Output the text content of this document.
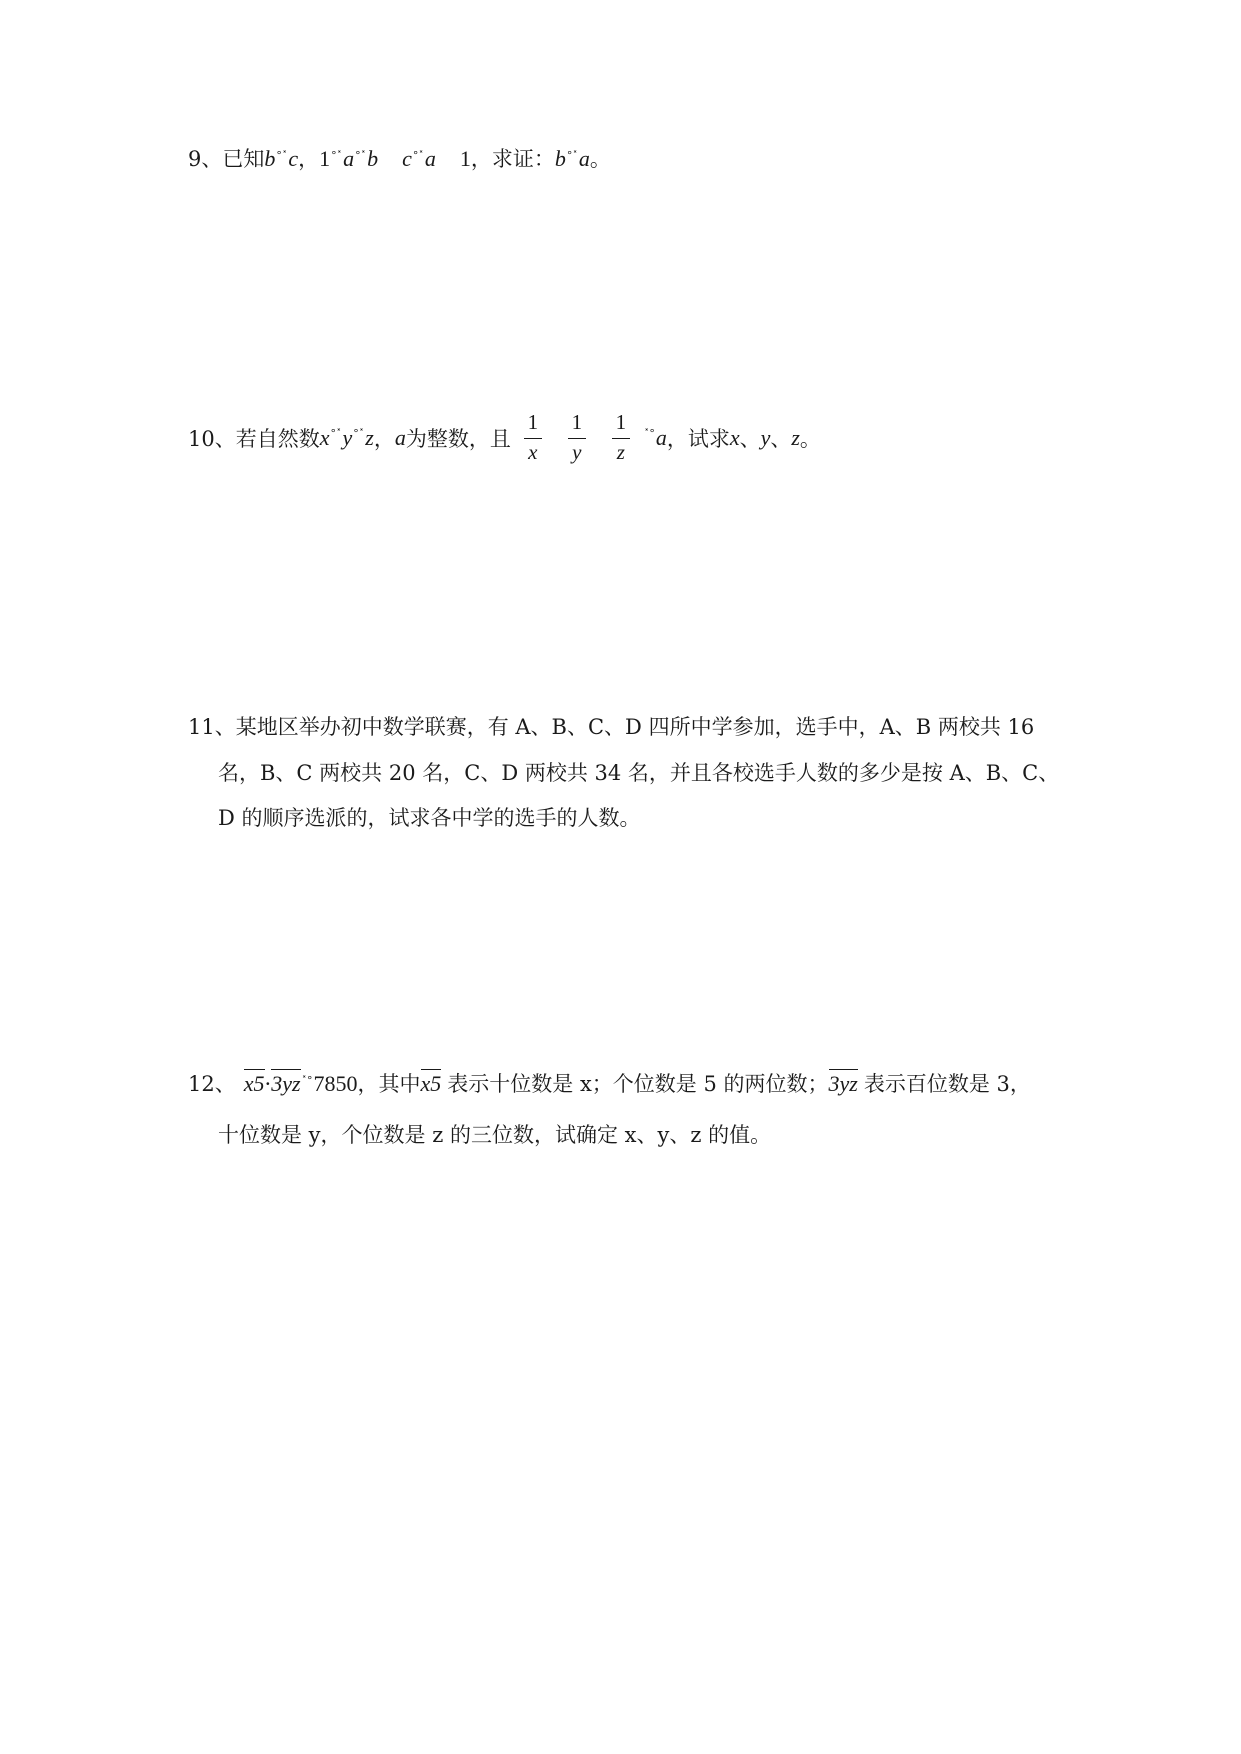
9、已知b°˟c，1°˟a°˟b c°˟a 1，求证：b°˟a。
10、若自然数x°˟y°˟z，a为整数，且 $\frac{1}{x} \frac{1}{y} \frac{1}{z} ^{˟^\circ}a$，试求x、y、z。
11、某地区举办初中数学联赛，有 A、B、C、D 四所中学参加，选手中，A、B 两校共 16
名，B、C 两校共 20 名，C、D 两校共 34 名，并且各校选手人数的多少是按 A、B、C、
D 的顺序选派的，试求各中学的选手的人数。
12、 x5·3yz˟°7850，其中x5 表示十位数是 x；个位数是 5 的两位数；3yz 表示百位数是 3，
十位数是 y，个位数是 z 的三位数，试确定 x、y、z 的值。
